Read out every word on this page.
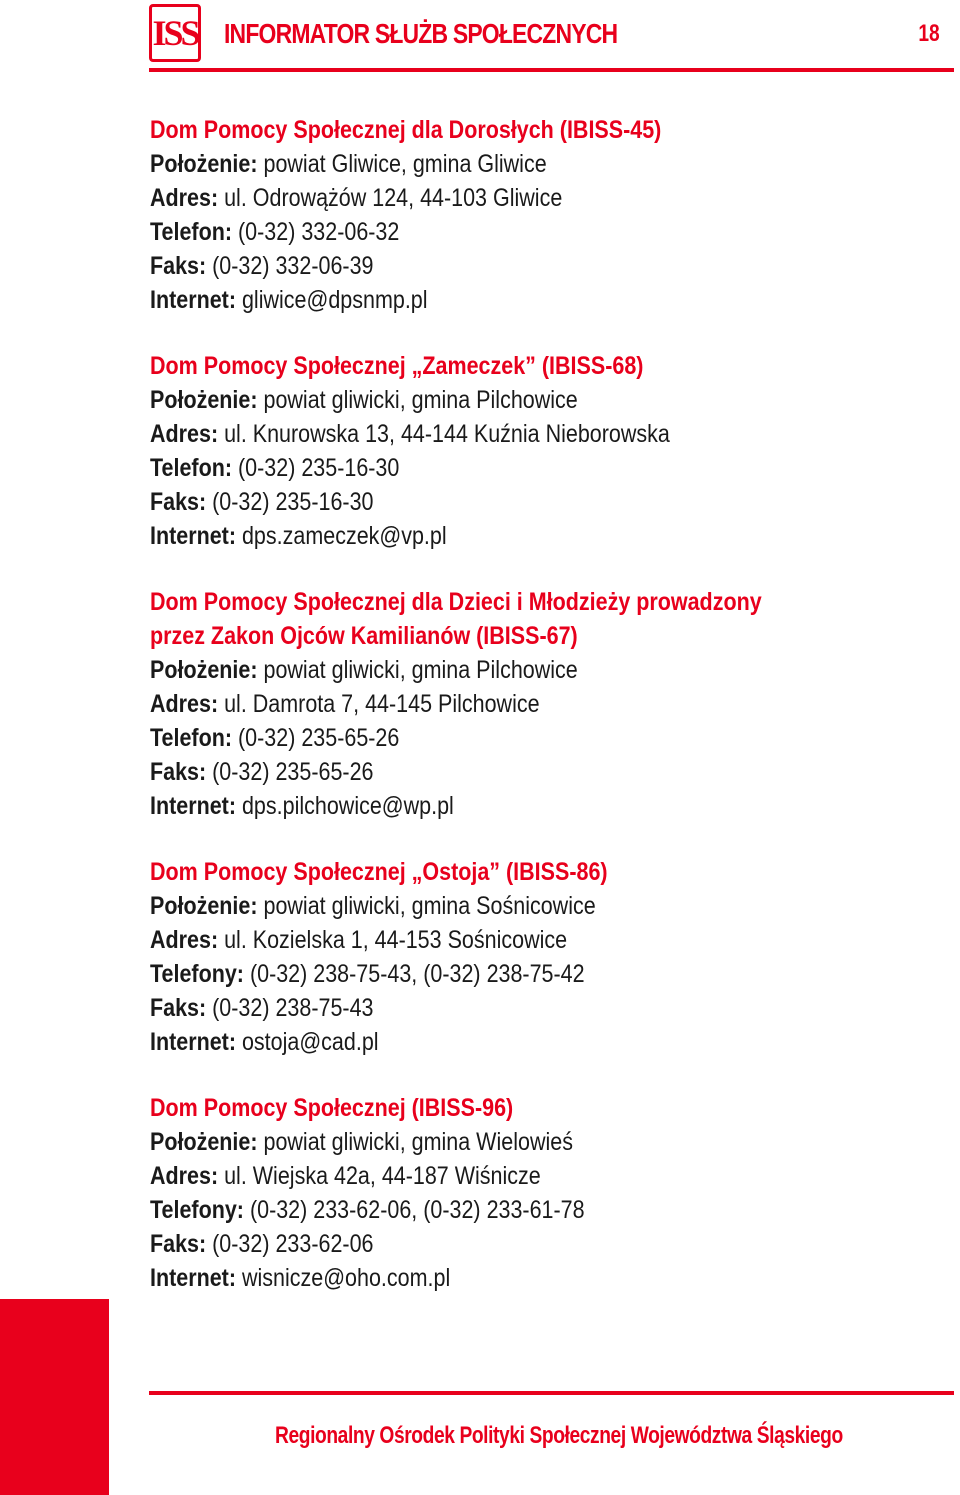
ISS INFORMATOR SŁUŻB SPOŁECZNYCH	18

Dom Pomocy Społecznej dla Dorosłych (IBISS-45)

Położenie: powiat Gliwice, gmina Gliwice

Adres: ul. Odrowążów 124, 44-103 Gliwice

Telefon: (0-32) 332-06-32

Faks: (0-32) 332-06-39

Internet: gliwice@dpsnmp.pl

Dom Pomocy Społecznej „Zameczek” (IBISS-68)

Położenie: powiat gliwicki, gmina Pilchowice

Adres: ul. Knurowska 13, 44-144 Kuźnia Nieborowska

Telefon: (0-32) 235-16-30

Faks: (0-32) 235-16-30

Internet: dps.zameczek@vp.pl

Dom Pomocy Społecznej dla Dzieci i Młodzieży prowadzony

przez Zakon Ojców Kamilianów (IBISS-67)

Położenie: powiat gliwicki, gmina Pilchowice

Adres: ul. Damrota 7, 44-145 Pilchowice

Telefon: (0-32) 235-65-26

Faks: (0-32) 235-65-26

Internet: dps.pilchowice@wp.pl

Dom Pomocy Społecznej „Ostoja” (IBISS-86)

Położenie: powiat gliwicki, gmina Sośnicowice

Adres: ul. Kozielska 1, 44-153 Sośnicowice

Telefony: (0-32) 238-75-43, (0-32) 238-75-42

Faks: (0-32) 238-75-43

Internet: ostoja@cad.pl

Dom Pomocy Społecznej (IBISS-96)

Położenie: powiat gliwicki, gmina Wielowieś

Adres: ul. Wiejska 42a, 44-187 Wiśnicze

Telefony: (0-32) 233-62-06, (0-32) 233-61-78

Faks: (0-32) 233-62-06

Internet: wisnicze@oho.com.pl

Regionalny Ośrodek Polityki Społecznej Województwa Śląskiego
